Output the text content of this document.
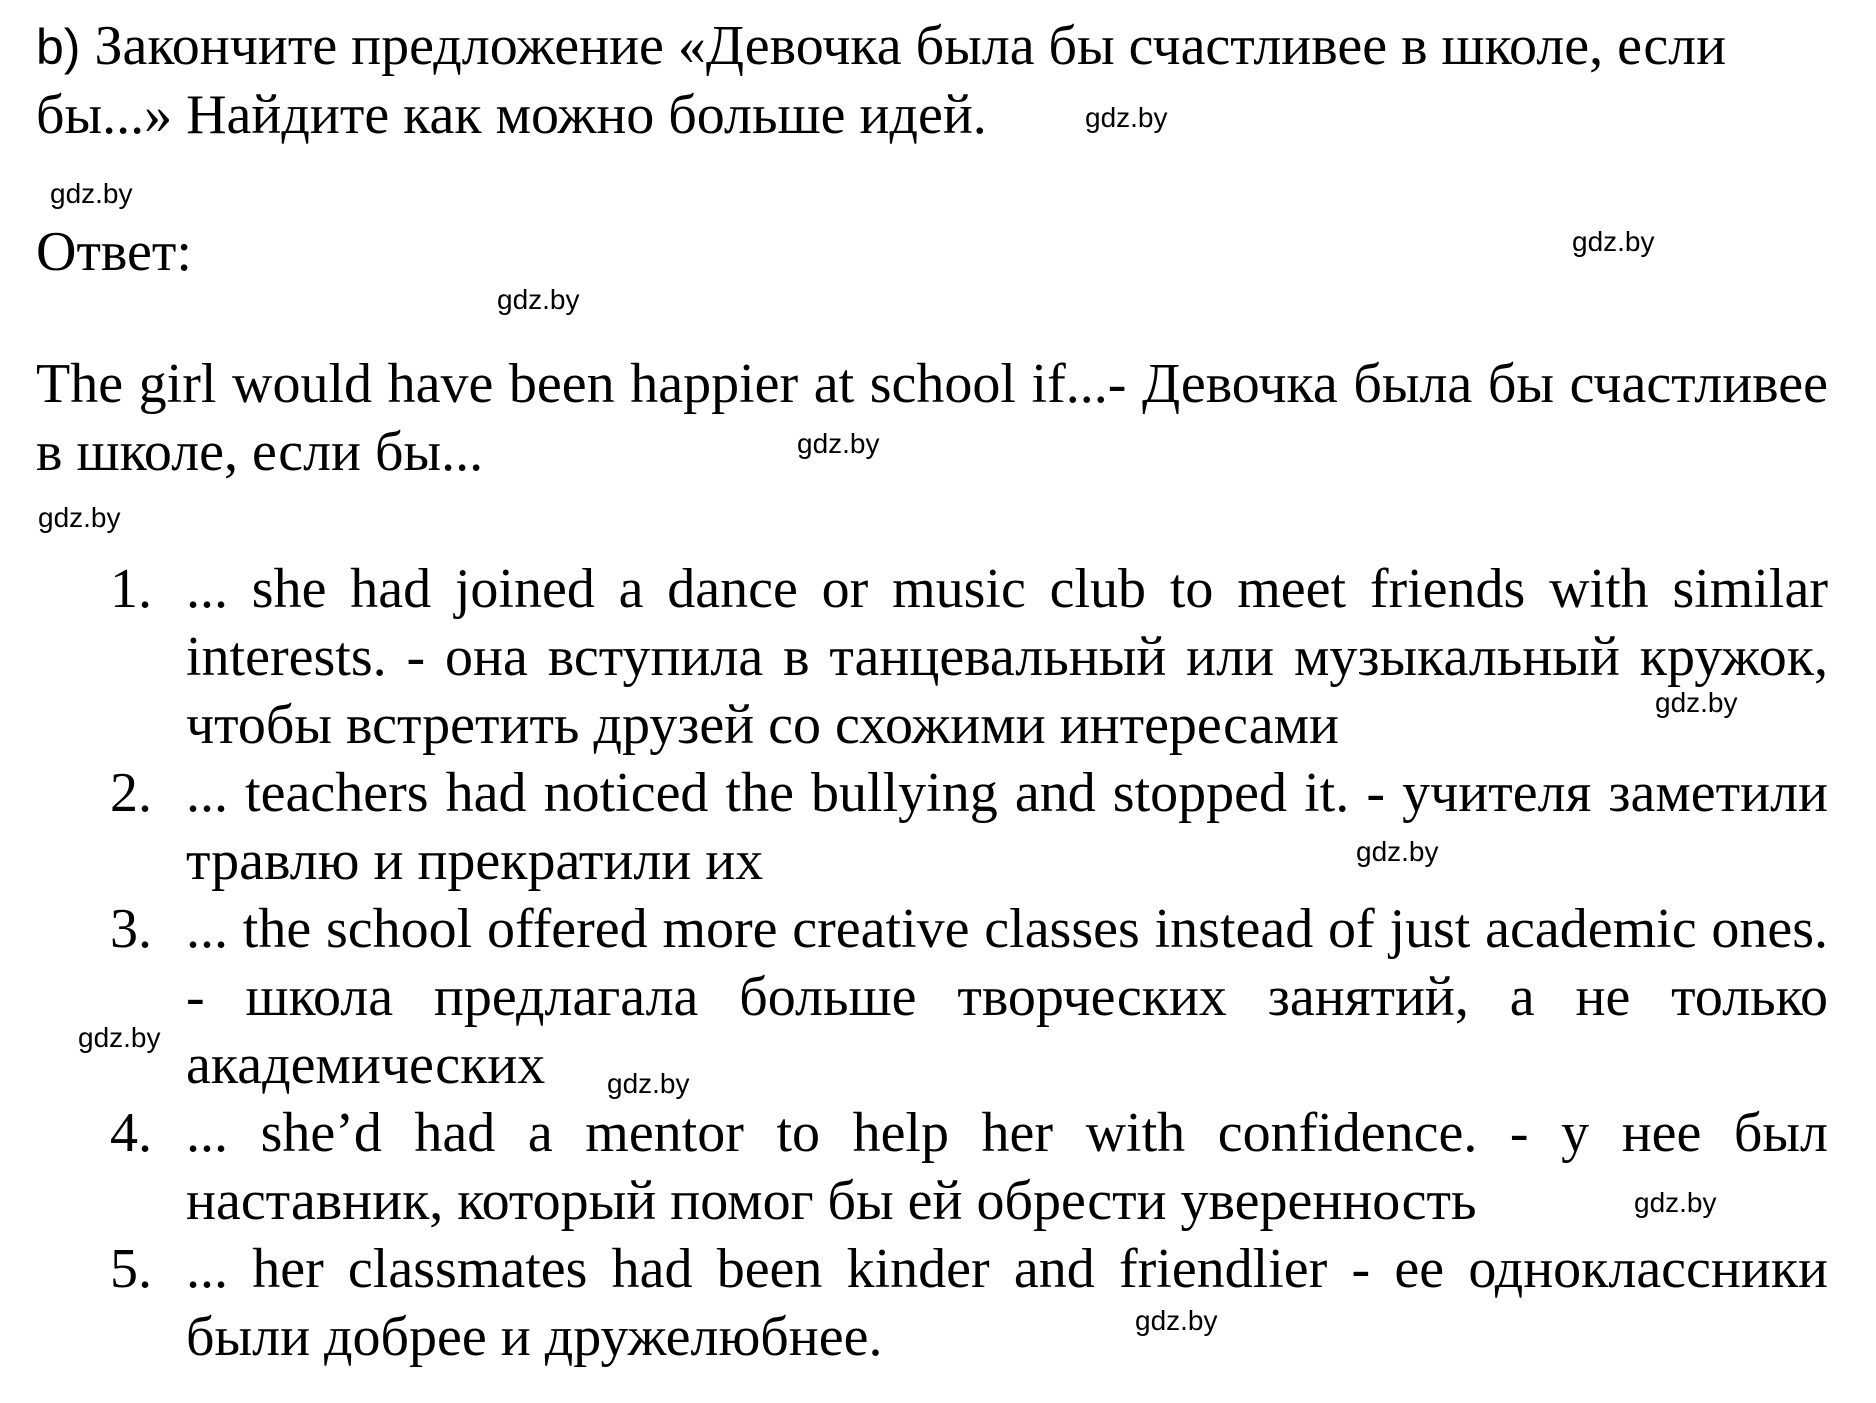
b) Закончите предложение «Девочка была бы счастливее в школе, если бы...» Найдите как можно больше идей.
Ответ:
The girl would have been happier at school if...- Девочка была бы счастливее в школе, если бы...
1. ... she had joined a dance or music club to meet friends with similar interests. - она вступила в танцевальный или музыкальный кружок, чтобы встретить друзей со схожими интересами
2. ... teachers had noticed the bullying and stopped it. - учителя заметили травлю и прекратили их
3. ... the school offered more creative classes instead of just academic ones. - школа предлагала больше творческих занятий, а не только академических
4. ... she’d had a mentor to help her with confidence. - у нее был наставник, который помог бы ей обрести уверенность
5. ... her classmates had been kinder and friendlier - ее одноклассники были добрее и дружелюбнее.
gdz.by
gdz.by
gdz.by
gdz.by
gdz.by
gdz.by
gdz.by
gdz.by
gdz.by
gdz.by
gdz.by
gdz.by
